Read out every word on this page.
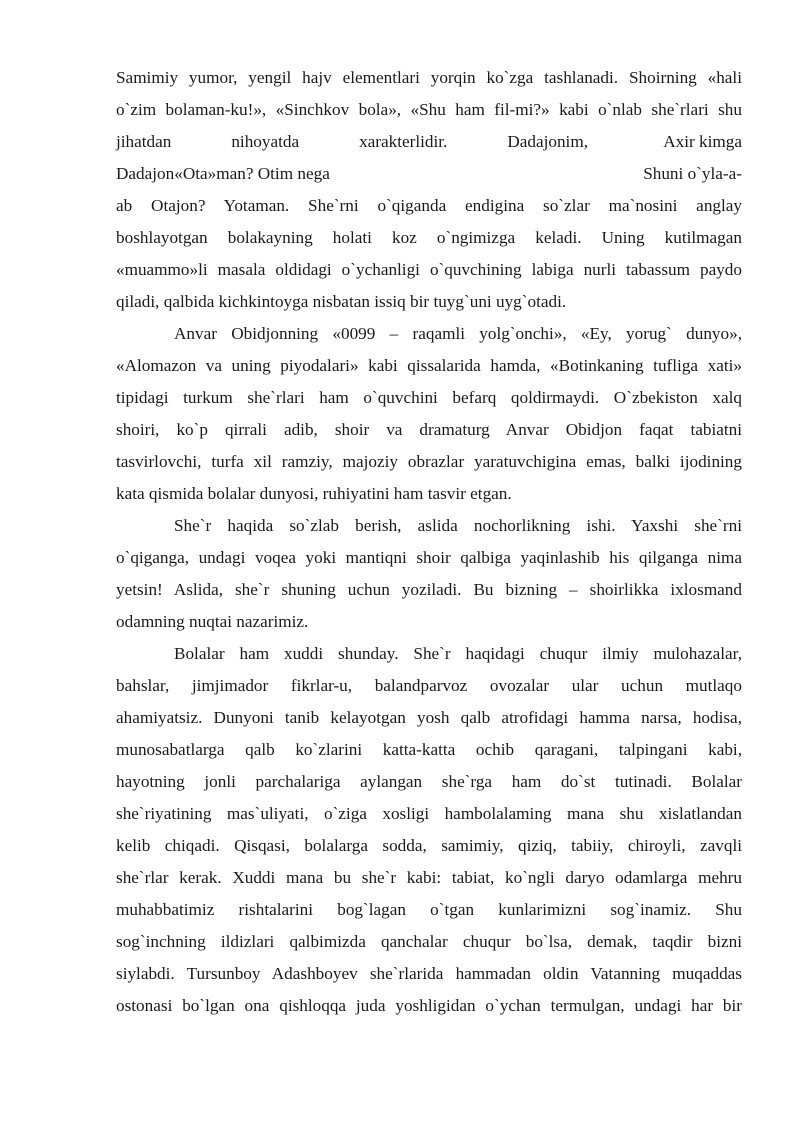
Samimiy yumor, yengil hajv elementlari yorqin ko`zga tashlanadi. Shoirning «hali
o`zim bolaman-ku!», «Sinchkov bola», «Shu ham fil-mi?» kabi o`nlab she`rlari shu
jihatdan nihoyatda xarakterlidir. Dadajonim,	Axir kimga
Dadajon«Ota»man? Otim nega	Shuni o`yla-a-
ab Otajon? Yotaman. She`rni o`qiganda endigina so`zlar ma`nosini anglay
boshlayotgan bolakayning holati koz o`ngimizga keladi. Uning kutilmagan
«muammo»li masala oldidagi o`ychanligi o`quvchining labiga nurli tabassum paydo
qiladi, qalbida kichkintoyga nisbatan issiq bir tuyg`uni uyg`otadi.
Anvar Obidjonning «0099 – raqamli yolg`onchi», «Ey, yorug` dunyo»,
«Alomazon va uning piyodalari» kabi qissalarida hamda, «Botinkaning tufliga xati»
tipidagi turkum she`rlari ham o`quvchini befarq qoldirmaydi. O`zbekiston xalq
shoiri, ko`p qirrali adib, shoir va dramaturg Anvar Obidjon faqat tabiatni
tasvirlovchi, turfa xil ramziy, majoziy obrazlar yaratuvchigina emas, balki ijodining
kata qismida bolalar dunyosi, ruhiyatini ham tasvir etgan.
She`r haqida so`zlab berish, aslida nochorlikning ishi. Yaxshi she`rni
o`qiganga, undagi voqea yoki mantiqni shoir qalbiga yaqinlashib his qilganga nima
yetsin! Aslida, she`r shuning uchun yoziladi. Bu bizning – shoirlikka ixlosmand
odamning nuqtai nazarimiz.
Bolalar ham xuddi shunday. She`r haqidagi chuqur ilmiy mulohazalar,
bahslar, jimjimador fikrlar-u, balandparvoz ovozalar ular uchun mutlaqo
ahamiyatsiz. Dunyoni tanib kelayotgan yosh qalb atrofidagi hamma narsa, hodisa,
munosabatlarga qalb ko`zlarini katta-katta ochib qaragani, talpingani kabi,
hayotning jonli parchalariga aylangan she`rga ham do`st tutinadi. Bolalar
she`riyatining mas`uliyati, o`ziga xosligi hambolalaming mana shu xislatlandan
kelib chiqadi. Qisqasi, bolalarga sodda, samimiy, qiziq, tabiiy, chiroyli, zavqli
she`rlar kerak. Xuddi mana bu she`r kabi: tabiat, ko`ngli daryo odamlarga mehru
muhabbatimiz rishtalarini bog`lagan o`tgan kunlarimizni sog`inamiz. Shu
sog`inchning ildizlari qalbimizda qanchalar chuqur bo`lsa, demak, taqdir bizni
siylabdi. Tursunboy Adashboyev she`rlarida hammadan oldin Vatanning muqaddas
ostonasi bo`lgan ona qishloqqa juda yoshligidan o`ychan termulgan, undagi har bir
